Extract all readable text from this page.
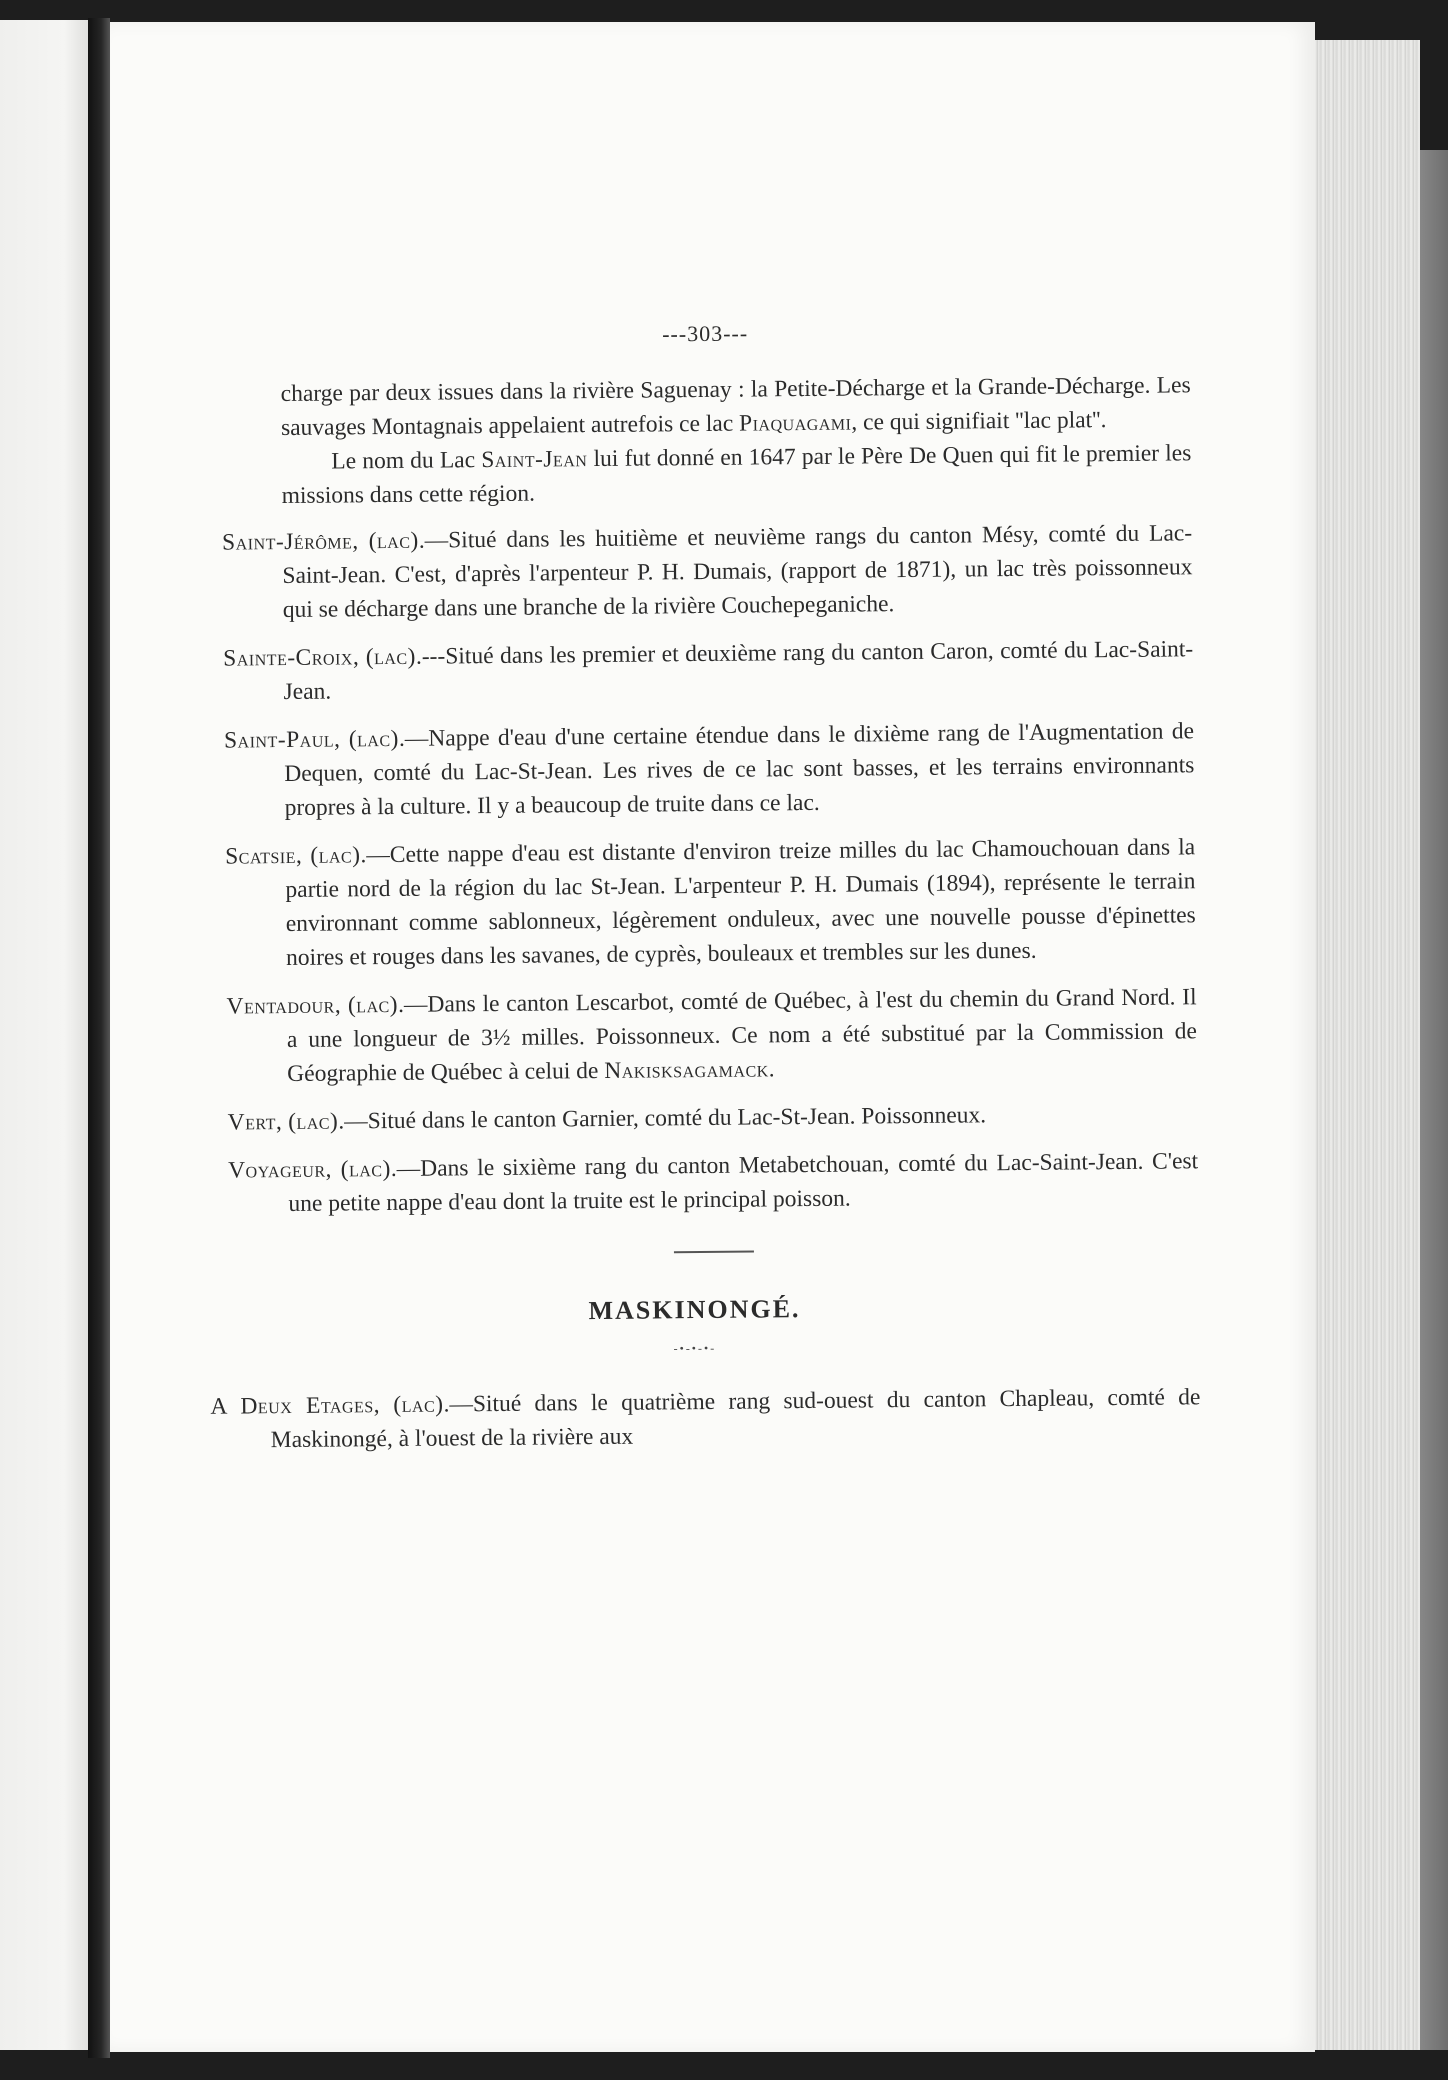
---303---

charge par deux issues dans la rivière Saguenay : la Petite-Décharge et la Grande-Décharge. Les sauvages Montagnais appelaient autrefois ce lac Piaquagami, ce qui signifiait ''lac plat''.

Le nom du Lac Saint-Jean lui fut donné en 1647 par le Père De Quen qui fit le premier les missions dans cette région.

Saint-Jérôme, (lac).—Situé dans les huitième et neuvième rangs du canton Mésy, comté du Lac-Saint-Jean. C'est, d'après l'arpenteur P. H. Dumais, (rapport de 1871), un lac très poissonneux qui se décharge dans une branche de la rivière Couchepeganiche.

Sainte-Croix, (lac).---Situé dans les premier et deuxième rang du canton Caron, comté du Lac-Saint-Jean.

Saint-Paul, (lac).—Nappe d'eau d'une certaine étendue dans le dixième rang de l'Augmentation de Dequen, comté du Lac-St-Jean. Les rives de ce lac sont basses, et les terrains environnants propres à la culture. Il y a beaucoup de truite dans ce lac.

Scatsie, (lac).—Cette nappe d'eau est distante d'environ treize milles du lac Chamouchouan dans la partie nord de la région du lac St-Jean. L'arpenteur P. H. Dumais (1894), représente le terrain environnant comme sablonneux, légèrement onduleux, avec une nouvelle pousse d'épinettes noires et rouges dans les savanes, de cyprès, bouleaux et trembles sur les dunes.

Ventadour, (lac).—Dans le canton Lescarbot, comté de Québec, à l'est du chemin du Grand Nord. Il a une longueur de 3½ milles. Poissonneux. Ce nom a été substitué par la Commission de Géographie de Québec à celui de Nakisksagamack.

Vert, (lac).—Situé dans le canton Garnier, comté du Lac-St-Jean. Poissonneux.

Voyageur, (lac).—Dans le sixième rang du canton Metabetchouan, comté du Lac-Saint-Jean. C'est une petite nappe d'eau dont la truite est le principal poisson.

MASKINONGÉ.
-•-•-•-

A Deux Etages, (lac).—Situé dans le quatrième rang sud-ouest du canton Chapleau, comté de Maskinongé, à l'ouest de la rivière aux
